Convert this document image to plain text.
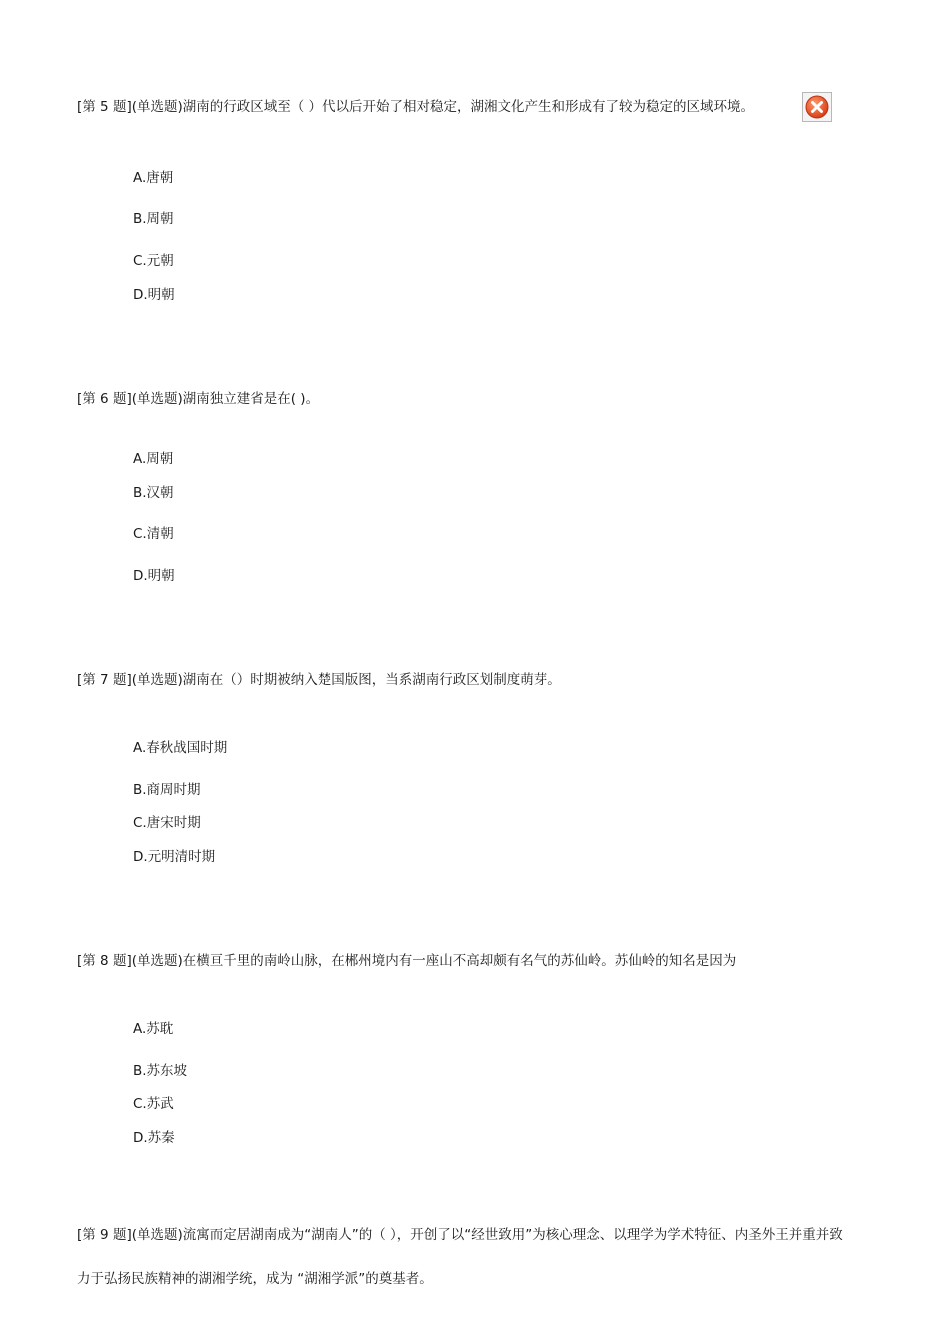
[第 5 题](单选题)湖南的行政区域至（ ）代以后开始了相对稳定，湖湘文化产生和形成有了较为稳定的区域环境。

A.唐朝
B.周朝
C.元朝
D.明朝

[第 6 题](单选题)湖南独立建省是在( )。

A.周朝
B.汉朝
C.清朝
D.明朝

[第 7 题](单选题)湖南在（）时期被纳入楚国版图，当系湖南行政区划制度萌芽。

A.春秋战国时期
B.商周时期
C.唐宋时期
D.元明清时期

[第 8 题](单选题)在横亘千里的南岭山脉，在郴州境内有一座山不高却颇有名气的苏仙岭。苏仙岭的知名是因为

A.苏耽
B.苏东坡
C.苏武
D.苏秦

[第 9 题](单选题)流寓而定居湖南成为“湖南人”的（ ），开创了以“经世致用”为核心理念、以理学为学术特征、内圣外王并重并致力于弘扬民族精神的湖湘学统，成为 “湖湘学派”的奠基者。
